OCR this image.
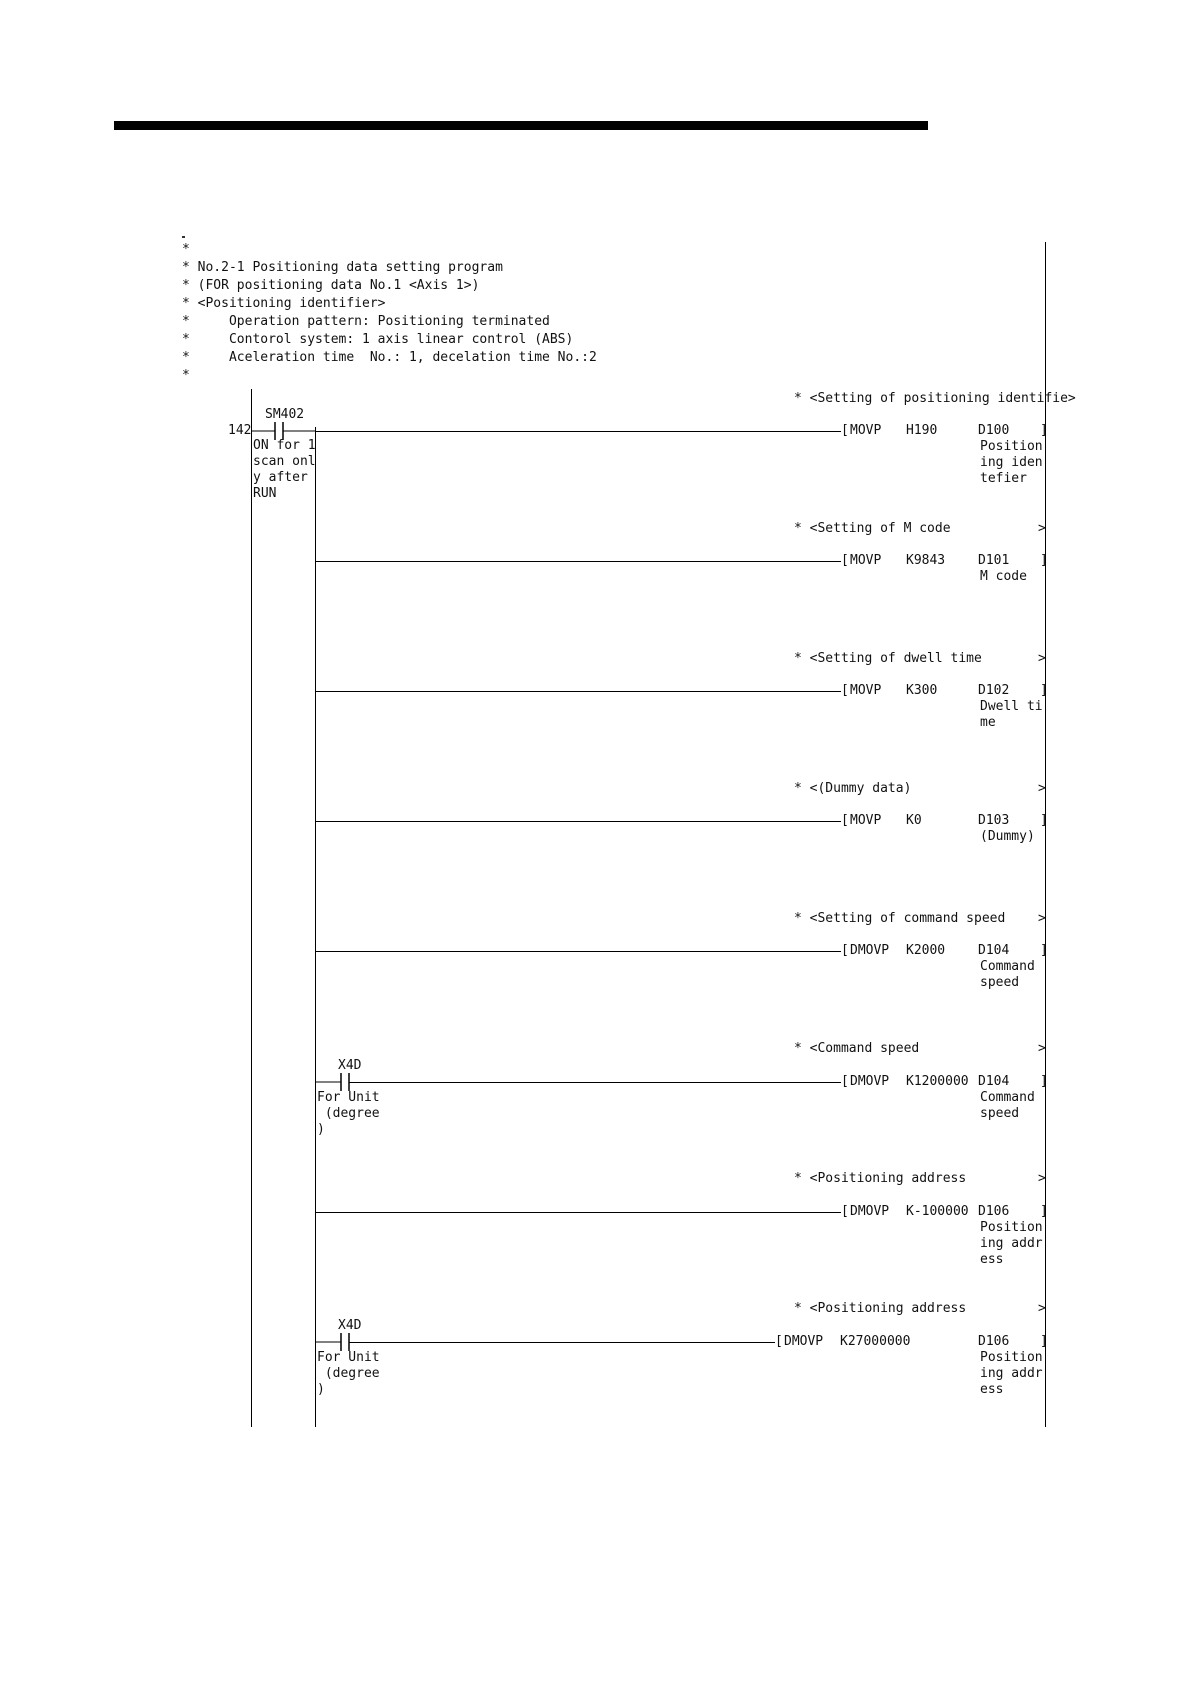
*
* No.2-1 Positioning data setting program
* (FOR positioning data No.1 <Axis 1>)
* <Positioning identifier>
*     Operation pattern: Positioning terminated
*     Contorol system: 1 axis linear control (ABS)
*     Aceleration time  No.: 1, decelation time No.:2
*
142
SM402
ON for 1
scan onl
y after
RUN
* <Setting of positioning identifie>
[ MOVP H190	D100 ]
Position
ing iden
tefier
* <Setting of M code	>
[ MOVP K9843	D101 ]
M code
* <Setting of dwell time	>
[ MOVP K300	D102 ]
Dwell ti
me
* <(Dummy data)	>
[ MOVP K0	D103 ]
(Dummy)
* <Setting of command speed	>
[ DMOVP K2000	D104 ]
Command
speed
* <Command speed	>
X4D
For Unit
(degree
)
[ DMOVP K1200000 D104 ]
Command
speed
* <Positioning address	>
[ DMOVP K-100000 D106 ]
Position
ing addr
ess
* <Positioning address	>
X4D
For Unit
(degree
)
[ DMOVP K27000000	D106 ]
Position
ing addr
ess
